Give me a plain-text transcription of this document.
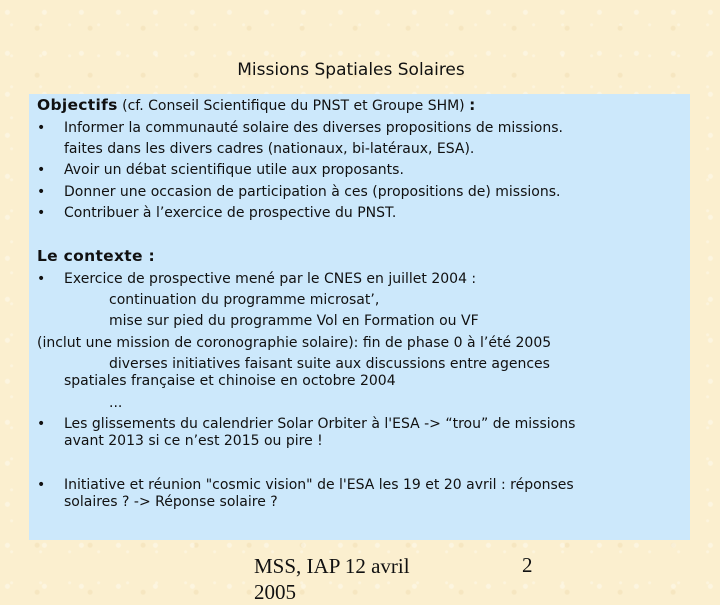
Missions Spatiales Solaires
Objectifs (cf. Conseil Scientifique du PNST et Groupe SHM) :
• Informer la communauté solaire des diverses propositions de missions.
faites dans les divers cadres (nationaux, bi-latéraux, ESA).
• Avoir un débat scientifique utile aux proposants.
• Donner une occasion de participation à ces (propositions de) missions.
• Contribuer à l’exercice de prospective du PNST.
Le contexte :
• Exercice de prospective mené par le CNES en juillet 2004 :
continuation du programme microsat’,
mise sur pied du programme Vol en Formation ou VF
(inclut une mission de coronographie solaire): fin de phase 0 à l’été 2005
diverses initiatives faisant suite aux discussions entre agences
spatiales française et chinoise en octobre 2004
...
• Les glissements du calendrier Solar Orbiter à l'ESA -> “trou” de missions
avant 2013 si ce n’est 2015 ou pire !
• Initiative et réunion "cosmic vision" de l'ESA les 19 et 20 avril : réponses
solaires ? -> Réponse solaire ?
MSS, IAP 12 avril 2005
2
